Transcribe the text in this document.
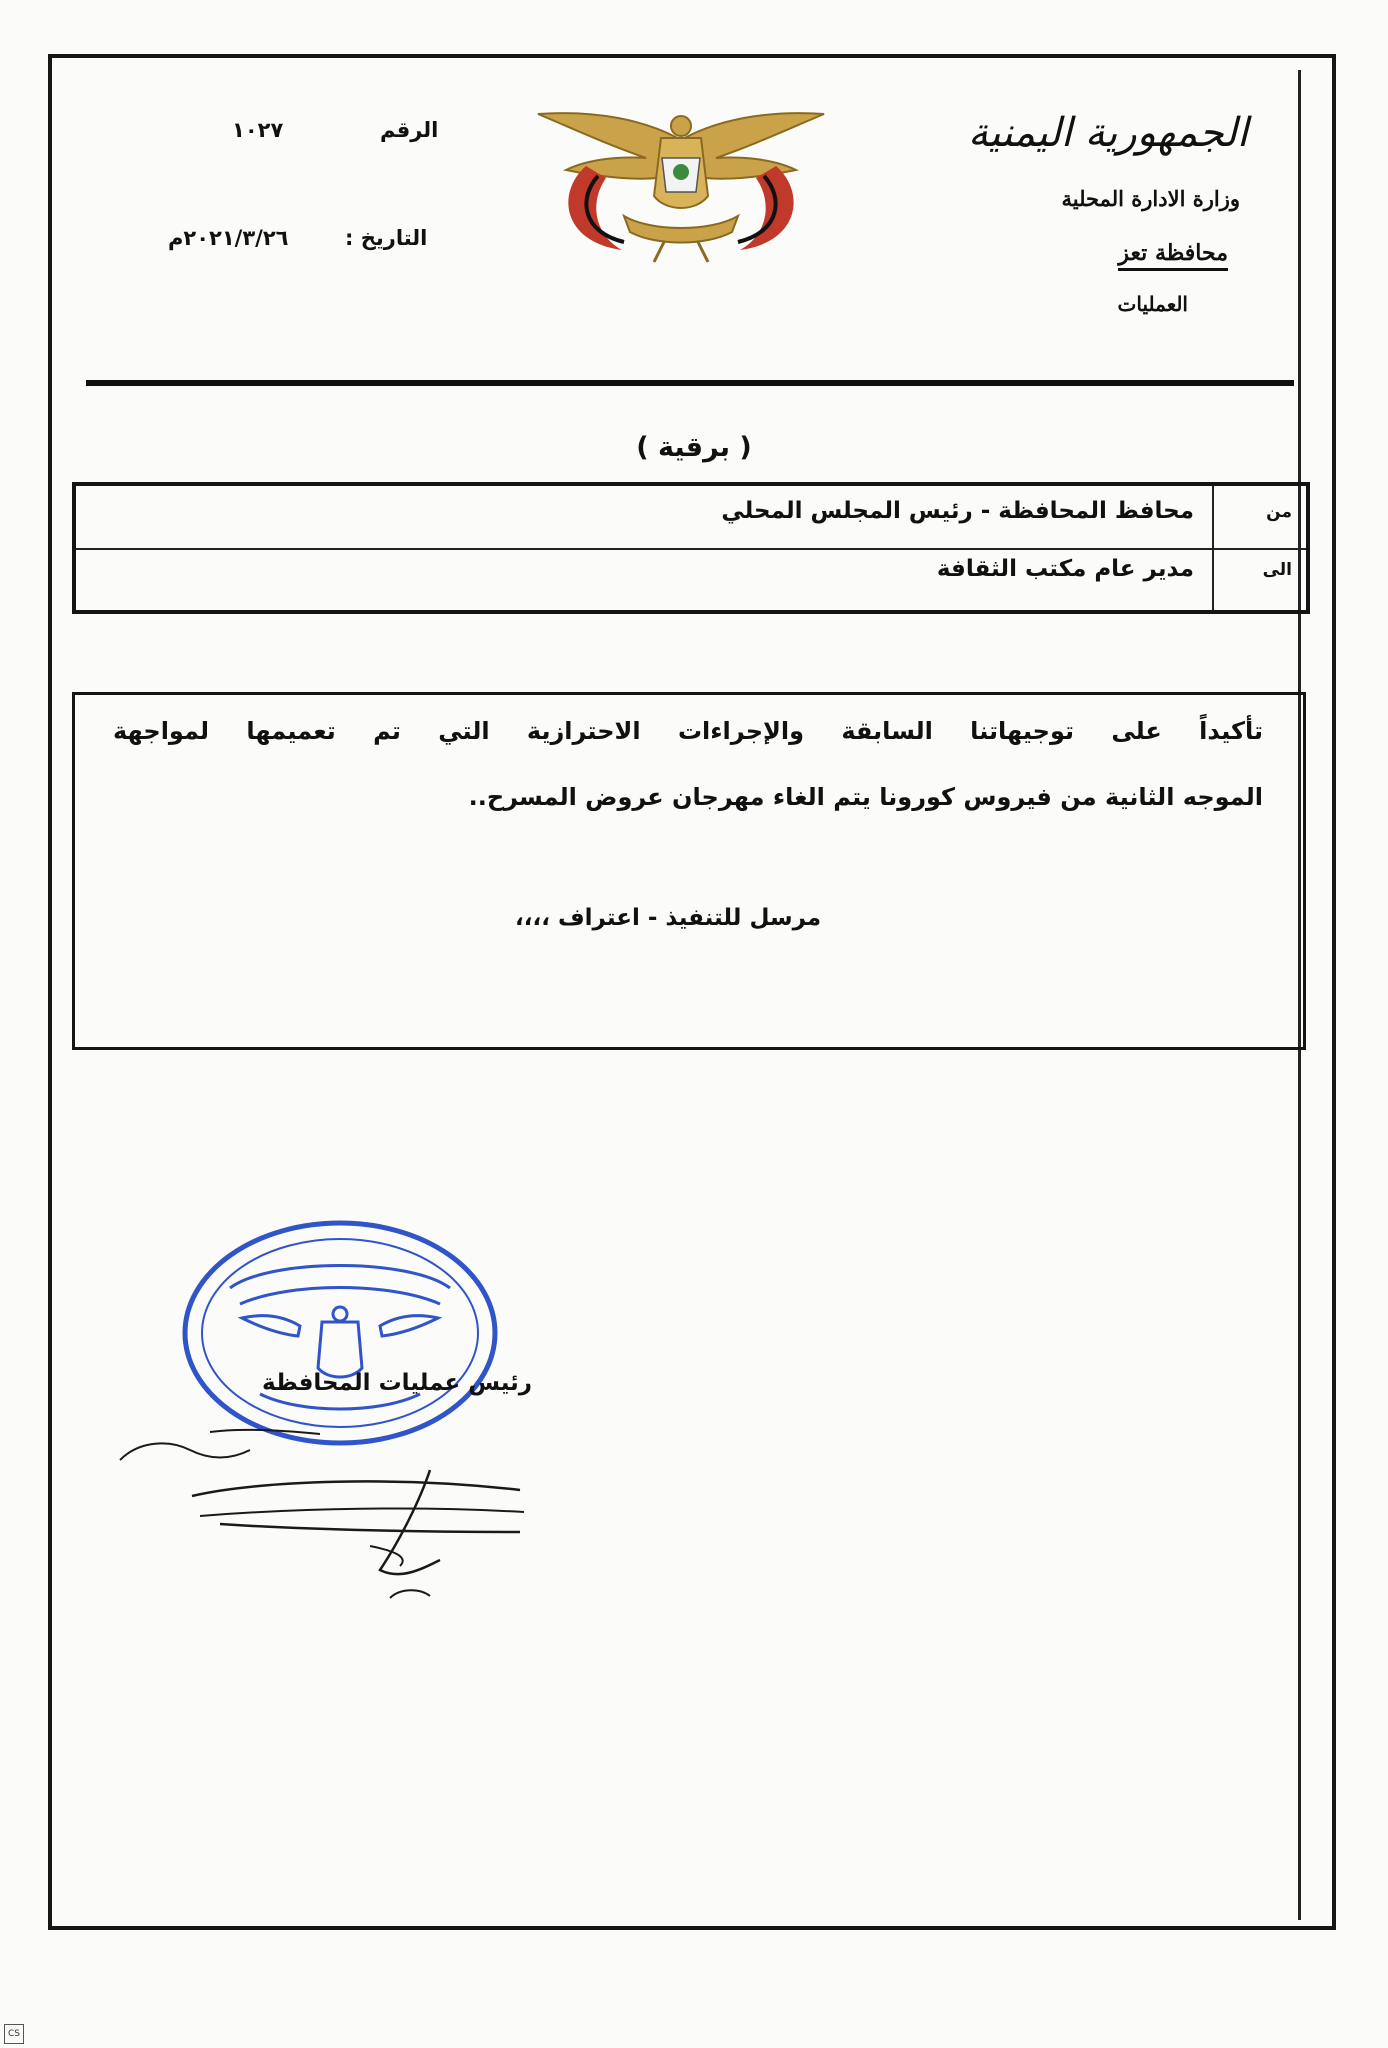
الجمهورية اليمنية
وزارة الادارة المحلية
محافظة تعز
العمليات
الرقم
١٠٢٧
التاريخ :
٢٠٢١/٣/٢٦م
( برقية )
من
محافظ المحافظة - رئيس المجلس المحلي
الى
مدير عام مكتب الثقافة
تأكيداً على توجيهاتنا السابقة والإجراءات الاحترازية التي تم تعميمها لمواجهة
الموجه الثانية من فيروس كورونا يتم الغاء مهرجان عروض المسرح..
مرسل للتنفيذ - اعتراف ،،،،
رئيس عمليات المحافظة
CS
